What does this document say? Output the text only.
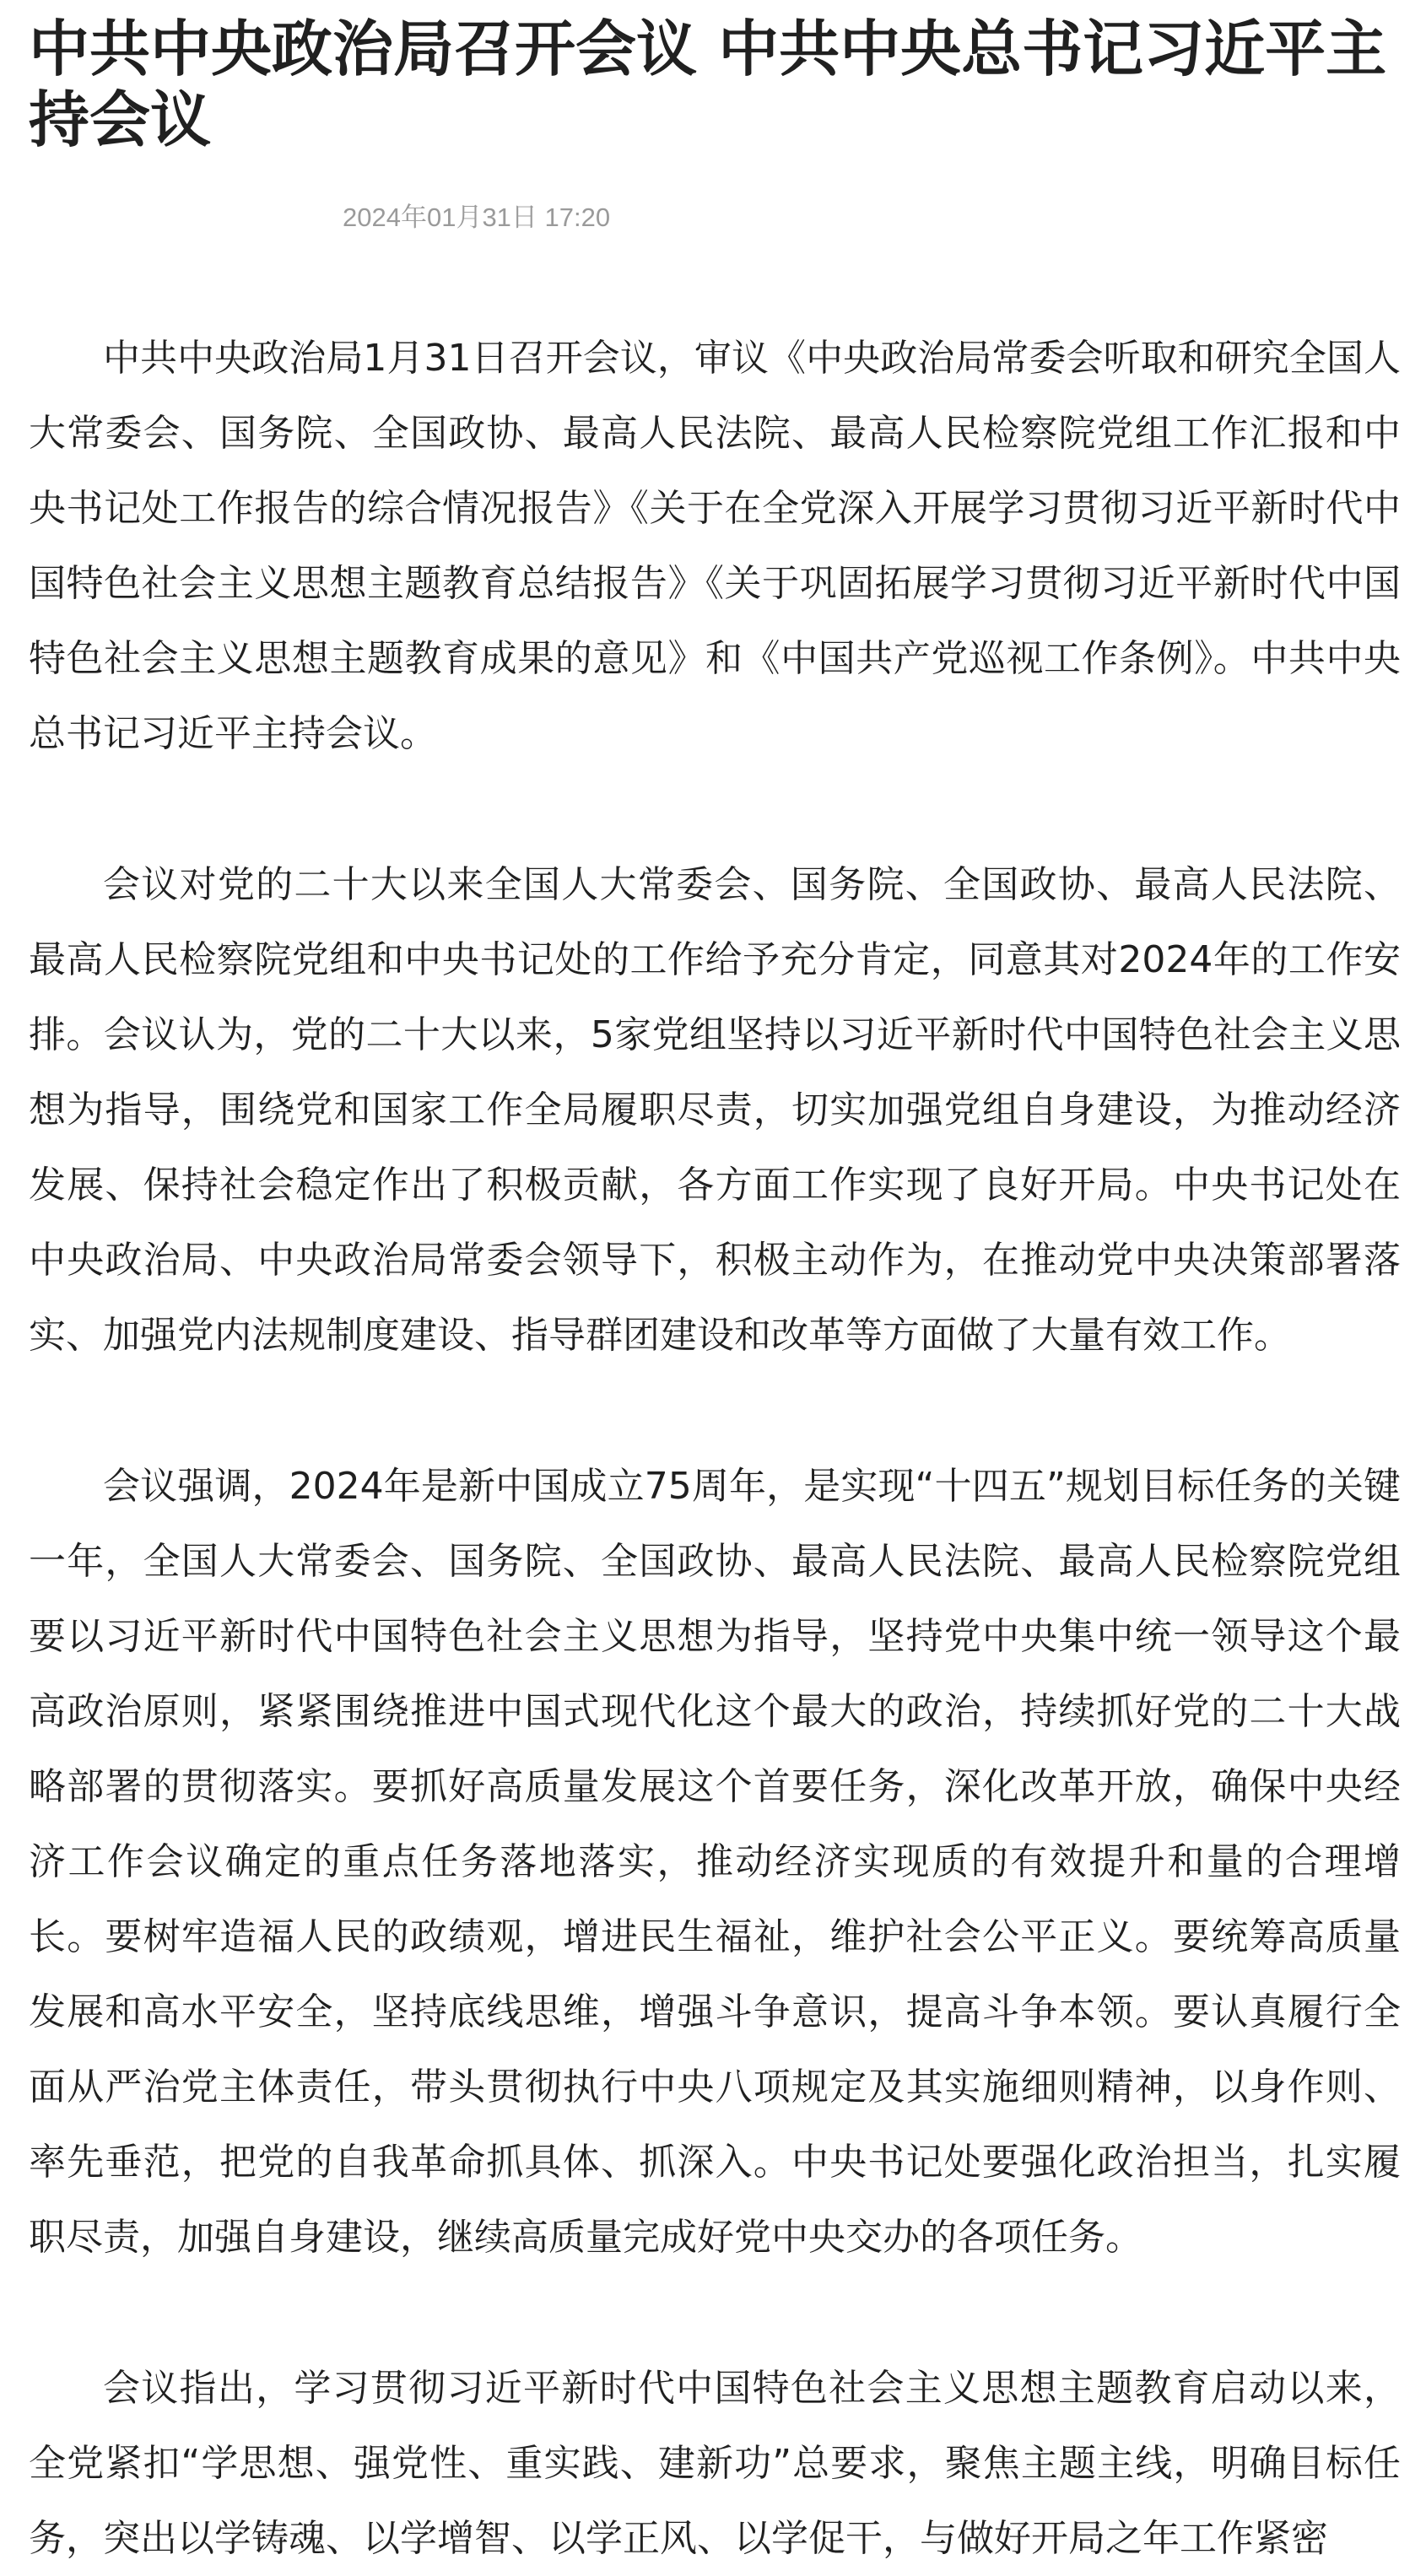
中共中央政治局召开会议 中共中央总书记习近平主持会议
2024年01月31日 17:20

中共中央政治局1月31日召开会议，审议《中央政治局常委会听取和研究全国人大常委会、国务院、全国政协、最高人民法院、最高人民检察院党组工作汇报和中央书记处工作报告的综合情况报告》《关于在全党深入开展学习贯彻习近平新时代中国特色社会主义思想主题教育总结报告》《关于巩固拓展学习贯彻习近平新时代中国特色社会主义思想主题教育成果的意见》和《中国共产党巡视工作条例》。中共中央总书记习近平主持会议。

会议对党的二十大以来全国人大常委会、国务院、全国政协、最高人民法院、最高人民检察院党组和中央书记处的工作给予充分肯定，同意其对2024年的工作安排。会议认为，党的二十大以来，5家党组坚持以习近平新时代中国特色社会主义思想为指导，围绕党和国家工作全局履职尽责，切实加强党组自身建设，为推动经济发展、保持社会稳定作出了积极贡献，各方面工作实现了良好开局。中央书记处在中央政治局、中央政治局常委会领导下，积极主动作为，在推动党中央决策部署落实、加强党内法规制度建设、指导群团建设和改革等方面做了大量有效工作。

会议强调，2024年是新中国成立75周年，是实现“十四五”规划目标任务的关键一年，全国人大常委会、国务院、全国政协、最高人民法院、最高人民检察院党组要以习近平新时代中国特色社会主义思想为指导，坚持党中央集中统一领导这个最高政治原则，紧紧围绕推进中国式现代化这个最大的政治，持续抓好党的二十大战略部署的贯彻落实。要抓好高质量发展这个首要任务，深化改革开放，确保中央经济工作会议确定的重点任务落地落实，推动经济实现质的有效提升和量的合理增长。要树牢造福人民的政绩观，增进民生福祉，维护社会公平正义。要统筹高质量发展和高水平安全，坚持底线思维，增强斗争意识，提高斗争本领。要认真履行全面从严治党主体责任，带头贯彻执行中央八项规定及其实施细则精神，以身作则、率先垂范，把党的自我革命抓具体、抓深入。中央书记处要强化政治担当，扎实履职尽责，加强自身建设，继续高质量完成好党中央交办的各项任务。

会议指出，学习贯彻习近平新时代中国特色社会主义思想主题教育启动以来，全党紧扣“学思想、强党性、重实践、建新功”总要求，聚焦主题主线，明确目标任务，突出以学铸魂、以学增智、以学正风、以学促干，与做好开局之年工作紧密
